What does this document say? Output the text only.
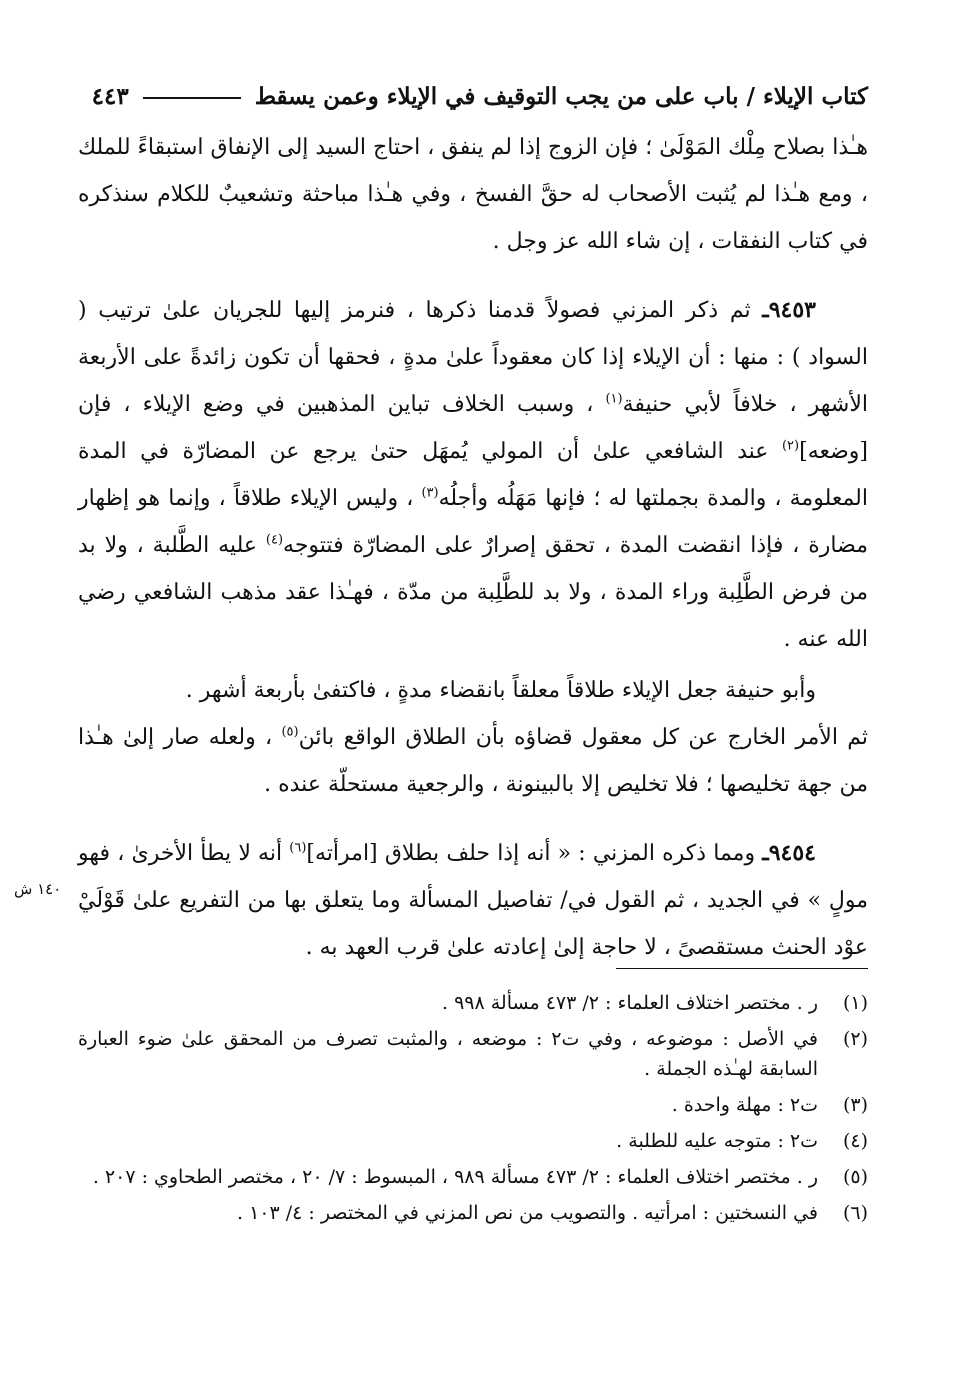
كتاب الإيلاء / باب على من يجب التوقيف في الإيلاء وعمن يسقط
٤٤٣

هـٰذا بصلاح مِلْك المَوْلَىٰ ؛ فإن الزوج إذا لم ينفق ، احتاج السيد إلى الإنفاق استبقاءً للملك ، ومع هـٰذا لم يُثبت الأصحاب له حقَّ الفسخ ، وفي هـٰذا مباحثة وتشعيبٌ للكلام سنذكره في كتاب النفقات ، إن شاء الله عز وجل .

٩٤٥٣ـ ثم ذكر المزني فصولاً قدمنا ذكرها ، فنرمز إليها للجريان علىٰ ترتيب ( السواد ) : منها : أن الإيلاء إذا كان معقوداً علىٰ مدةٍ ، فحقها أن تكون زائدةً على الأربعة الأشهر ، خلافاً لأبي حنيفة$^{(١)}$ ، وسبب الخلاف تباين المذهبين في وضع الإيلاء ، فإن [وضعه]$^{(٢)}$ عند الشافعي علىٰ أن المولي يُمهَل حتىٰ يرجع عن المضارّة في المدة المعلومة ، والمدة بجملتها له ؛ فإنها مَهَلُه وأجلُه$^{(٣)}$ ، وليس الإيلاء طلاقاً ، وإنما هو إظهار مضارة ، فإذا انقضت المدة ، تحقق إصرارٌ على المضارّة فتتوجه$^{(٤)}$ عليه الطَّلبة ، ولا بد من فرض الطَّلِبة وراء المدة ، ولا بد للطَّلِبة من مدّة ، فهـٰذا عقد مذهب الشافعي رضي الله عنه .

وأبو حنيفة جعل الإيلاء طلاقاً معلقاً بانقضاء مدةٍ ، فاكتفىٰ بأربعة أشهر .

ثم الأمر الخارج عن كل معقول قضاؤه بأن الطلاق الواقع بائن$^{(٥)}$ ، ولعله صار إلىٰ هـٰذا من جهة تخليصها ؛ فلا تخليص إلا بالبينونة ، والرجعية مستحلّة عنده .

٩٤٥٤ـ ومما ذكره المزني : « أنه إذا حلف بطلاق [امرأته]$^{(٦)}$ أنه لا يطأ الأخرىٰ ، فهو مولٍ » في الجديد ، ثم القول في/ تفاصيل المسألة وما يتعلق بها من التفريع علىٰ قَوْلَيْ عوْد الحنث مستقصىً ، لا حاجة إلىٰ إعادته علىٰ قرب العهد به .

١٤٠ ش
(١)
ر . مختصر اختلاف العلماء : ٢/ ٤٧٣ مسألة ٩٩٨ .
(٢)
في الأصل : موضوعه ، وفي ت٢ : موضعه ، والمثبت تصرف من المحقق علىٰ ضوء العبارة السابقة لهـٰذه الجملة .
(٣)
ت٢ : مهلة واحدة .
(٤)
ت٢ : متوجه عليه للطلبة .
(٥)
ر . مختصر اختلاف العلماء : ٢/ ٤٧٣ مسألة ٩٨٩ ، المبسوط : ٧/ ٢٠ ، مختصر الطحاوي : ٢٠٧ .
(٦)
في النسختين : امرأتيه . والتصويب من نص المزني في المختصر : ٤/ ١٠٣ .
